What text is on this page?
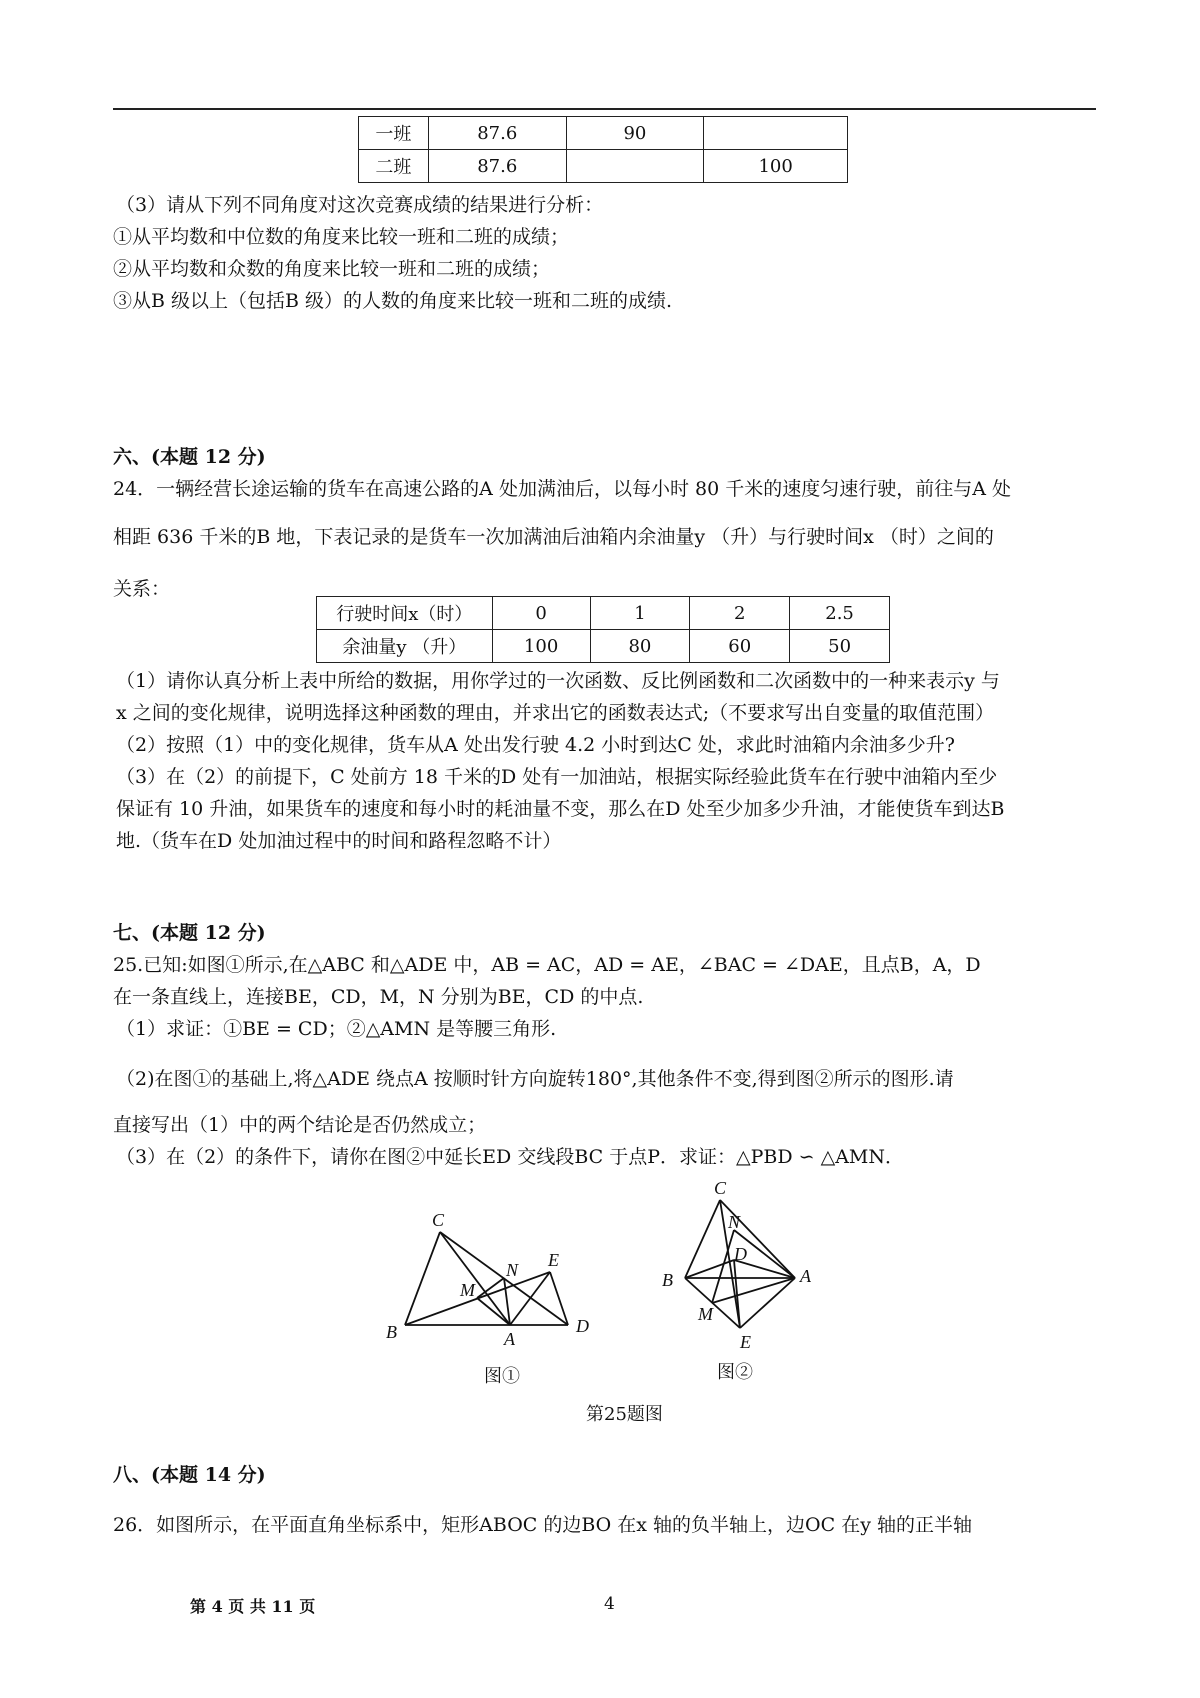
一班	87.6	90	
二班	87.6		100
（3）请从下列不同角度对这次竞赛成绩的结果进行分析：
①从平均数和中位数的角度来比较一班和二班的成绩；
②从平均数和众数的角度来比较一班和二班的成绩；
③从B 级以上（包括B 级）的人数的角度来比较一班和二班的成绩.
六、(本题 12 分)
24．一辆经营长途运输的货车在高速公路的A 处加满油后，以每小时 80 千米的速度匀速行驶，前往与A 处
相距 636 千米的B 地，下表记录的是货车一次加满油后油箱内余油量y （升）与行驶时间x （时）之间的
关系：
行驶时间x（时）	0	1	2	2.5
余油量y （升）	100	80	60	50
（1）请你认真分析上表中所给的数据，用你学过的一次函数、反比例函数和二次函数中的一种来表示y 与
x 之间的变化规律，说明选择这种函数的理由，并求出它的函数表达式;（不要求写出自变量的取值范围）
（2）按照（1）中的变化规律，货车从A 处出发行驶 4.2 小时到达C 处，求此时油箱内余油多少升?
（3）在（2）的前提下，C 处前方 18 千米的D 处有一加油站，根据实际经验此货车在行驶中油箱内至少
保证有 10 升油，如果货车的速度和每小时的耗油量不变，那么在D 处至少加多少升油，才能使货车到达B
地.（货车在D 处加油过程中的时间和路程忽略不计）
七、(本题 12 分)
25.已知:如图①所示,在△ABC 和△ADE 中，AB = AC，AD = AE，∠BAC = ∠DAE，且点B，A，D
在一条直线上，连接BE，CD，M，N 分别为BE，CD 的中点.
（1）求证：①BE = CD；②△AMN 是等腰三角形.
（2)在图①的基础上,将△ADE 绕点A 按顺时针方向旋转180°,其他条件不变,得到图②所示的图形.请
直接写出（1）中的两个结论是否仍然成立；
（3）在（2）的条件下，请你在图②中延长ED 交线段BC 于点P．求证：△PBD ∽ △AMN．
C
N E
M
B	A
D
图①
C
N
D
B	A
M
E
图②
第25题图
八、(本题 14 分)
26．如图所示，在平面直角坐标系中，矩形ABOC 的边BO 在x 轴的负半轴上，边OC 在y 轴的正半轴
第 4 页 共 11 页	4
